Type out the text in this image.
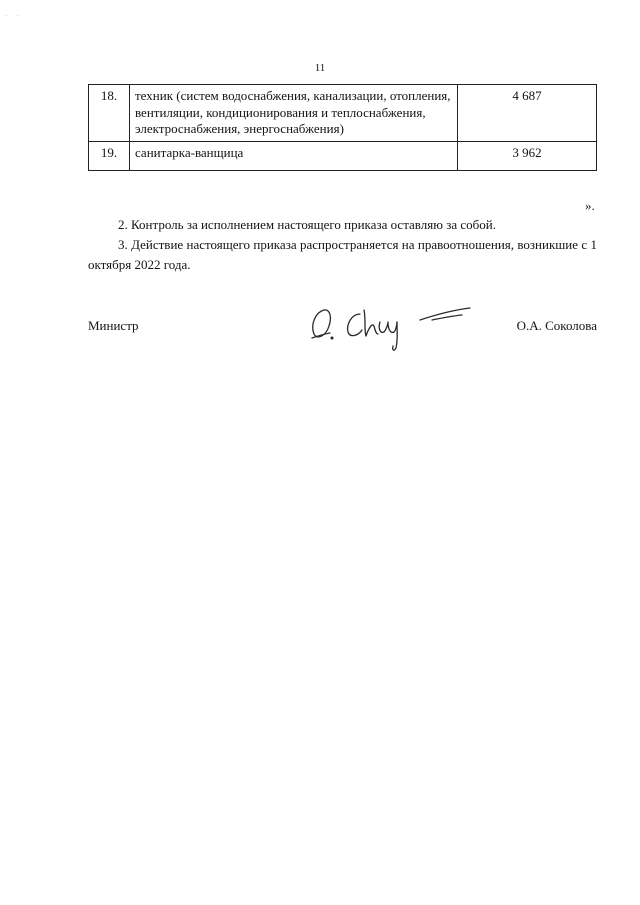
. .
11
18.	техник (систем водоснабжения, канализации, отопления, вентиляции, кондиционирования и теплоснабжения, электроснабжения, энергоснабжения)	4 687
19.	санитарка-ванщица	3 962
».
2. Контроль за исполнением настоящего приказа оставляю за собой.
3. Действие настоящего приказа распространяется на правоотношения, возникшие с 1 октября 2022 года.
Министр	О.А. Соколова
